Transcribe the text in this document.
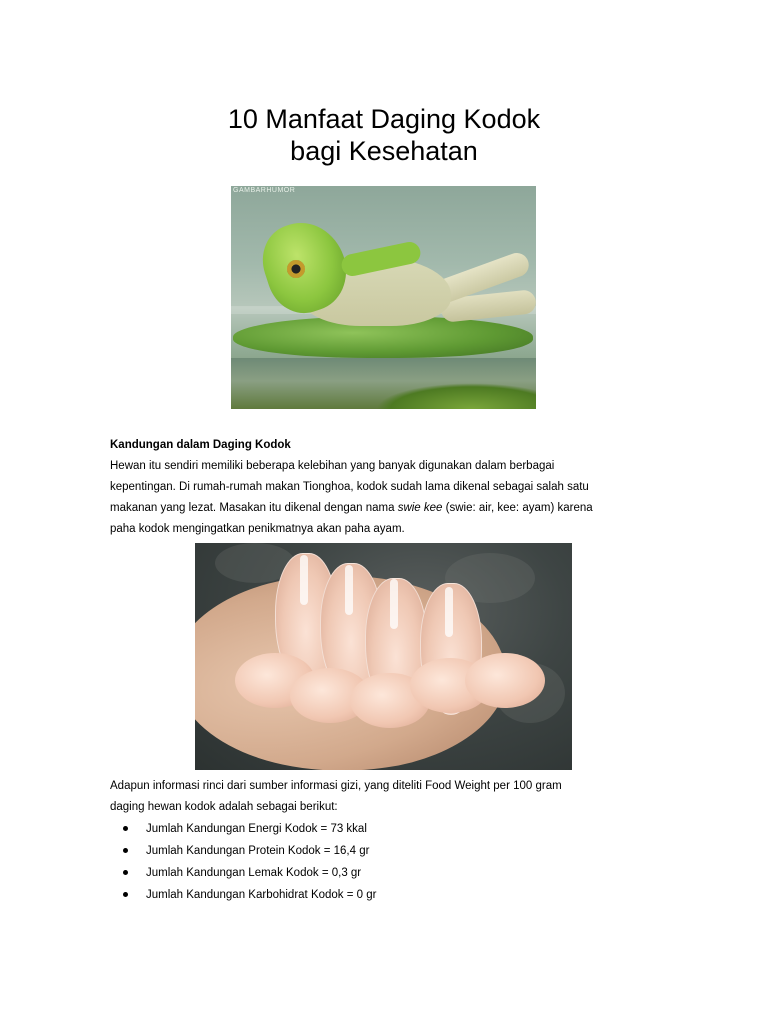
10 Manfaat Daging Kodok
bagi Kesehatan
GAMBARHUMOR
Kandungan dalam Daging Kodok
Hewan itu sendiri memiliki beberapa kelebihan yang banyak digunakan dalam berbagai
kepentingan. Di rumah-rumah makan Tionghoa, kodok sudah lama dikenal sebagai salah satu
makanan yang lezat. Masakan itu dikenal dengan nama swie kee (swie: air, kee: ayam) karena
paha kodok mengingatkan penikmatnya akan paha ayam.
Adapun informasi rinci dari sumber informasi gizi, yang diteliti Food Weight per 100 gram
daging hewan kodok adalah sebagai berikut:
Jumlah Kandungan Energi Kodok = 73 kkal
Jumlah Kandungan Protein Kodok = 16,4 gr
Jumlah Kandungan Lemak Kodok = 0,3 gr
Jumlah Kandungan Karbohidrat Kodok = 0 gr
